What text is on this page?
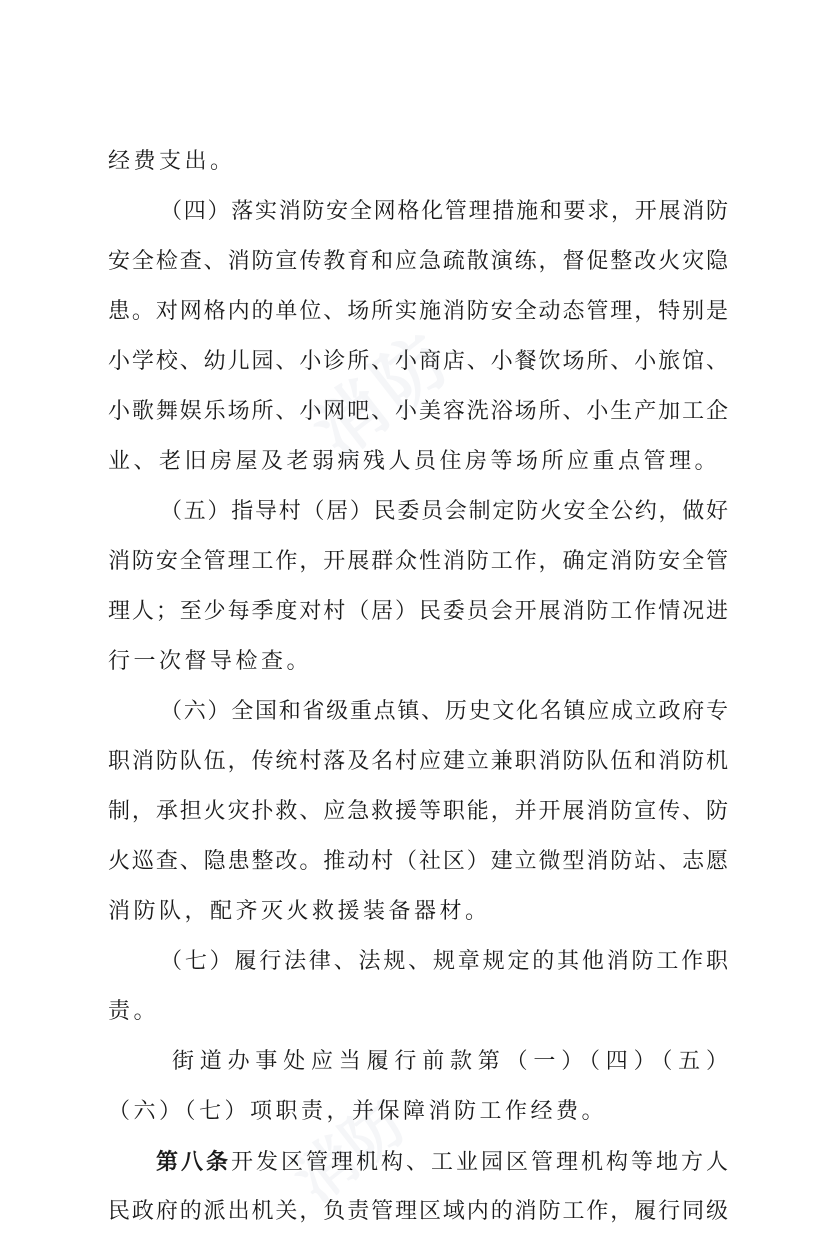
消防
消防
经费支出。
（四）落实消防安全网格化管理措施和要求，开展消防
安全检查、消防宣传教育和应急疏散演练，督促整改火灾隐
患。对网格内的单位、场所实施消防安全动态管理，特别是
小学校、幼儿园、小诊所、小商店、小餐饮场所、小旅馆、
小歌舞娱乐场所、小网吧、小美容洗浴场所、小生产加工企
业、老旧房屋及老弱病残人员住房等场所应重点管理。
（五）指导村（居）民委员会制定防火安全公约，做好
消防安全管理工作，开展群众性消防工作，确定消防安全管
理人；至少每季度对村（居）民委员会开展消防工作情况进
行一次督导检查。
（六）全国和省级重点镇、历史文化名镇应成立政府专
职消防队伍，传统村落及名村应建立兼职消防队伍和消防机
制，承担火灾扑救、应急救援等职能，并开展消防宣传、防
火巡查、隐患整改。推动村（社区）建立微型消防站、志愿
消防队，配齐灭火救援装备器材。
（七）履行法律、法规、规章规定的其他消防工作职
责。
街道办事处应当履行前款第（一）（四）（五）
（六）（七）项职责，并保障消防工作经费。
第八条开发区管理机构、工业园区管理机构等地方人
民政府的派出机关，负责管理区域内的消防工作，履行同级
